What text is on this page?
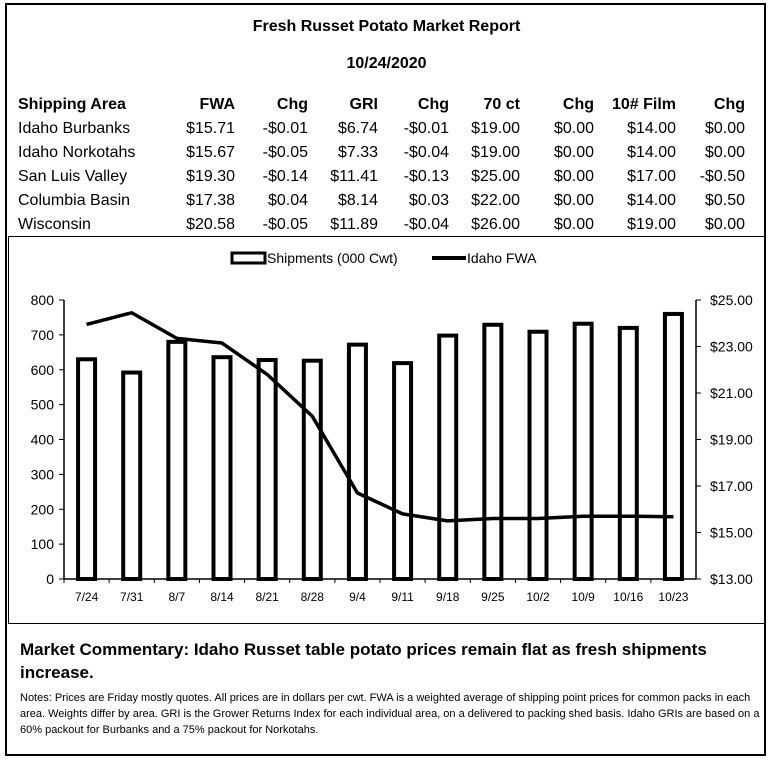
Fresh Russet Potato Market Report
10/24/2020
Shipping Area	FWA	Chg	GRI	Chg	70 ct	Chg	10# Film	Chg
Idaho Burbanks	$15.71	-$0.01	$6.74	-$0.01	$19.00	$0.00	$14.00	$0.00
Idaho Norkotahs	$15.67	-$0.05	$7.33	-$0.04	$19.00	$0.00	$14.00	$0.00
San Luis Valley	$19.30	-$0.14	$11.41	-$0.13	$25.00	$0.00	$17.00	-$0.50
Columbia Basin	$17.38	$0.04	$8.14	$0.03	$22.00	$0.00	$14.00	$0.50
Wisconsin	$20.58	-$0.05	$11.89	-$0.04	$26.00	$0.00	$19.00	$0.00
0
100
200
300
400
500
600
700
800
$13.00
$15.00
$17.00
$19.00
$21.00
$23.00
$25.00
7/24 7/31 8/7 8/14 8/21 8/28 9/4 9/11 9/18 9/25 10/2 10/9 10/16 10/23
Shipments (000 Cwt)	Idaho FWA
Market Commentary: Idaho Russet table potato prices remain flat as fresh shipments increase.
Notes: Prices are Friday mostly quotes. All prices are in dollars per cwt. FWA is a weighted average of shipping point prices for common packs in each area. Weights differ by area. GRI is the Grower Returns Index for each individual area, on a delivered to packing shed basis. Idaho GRIs are based on a 60% packout for Burbanks and a 75% packout for Norkotahs.
